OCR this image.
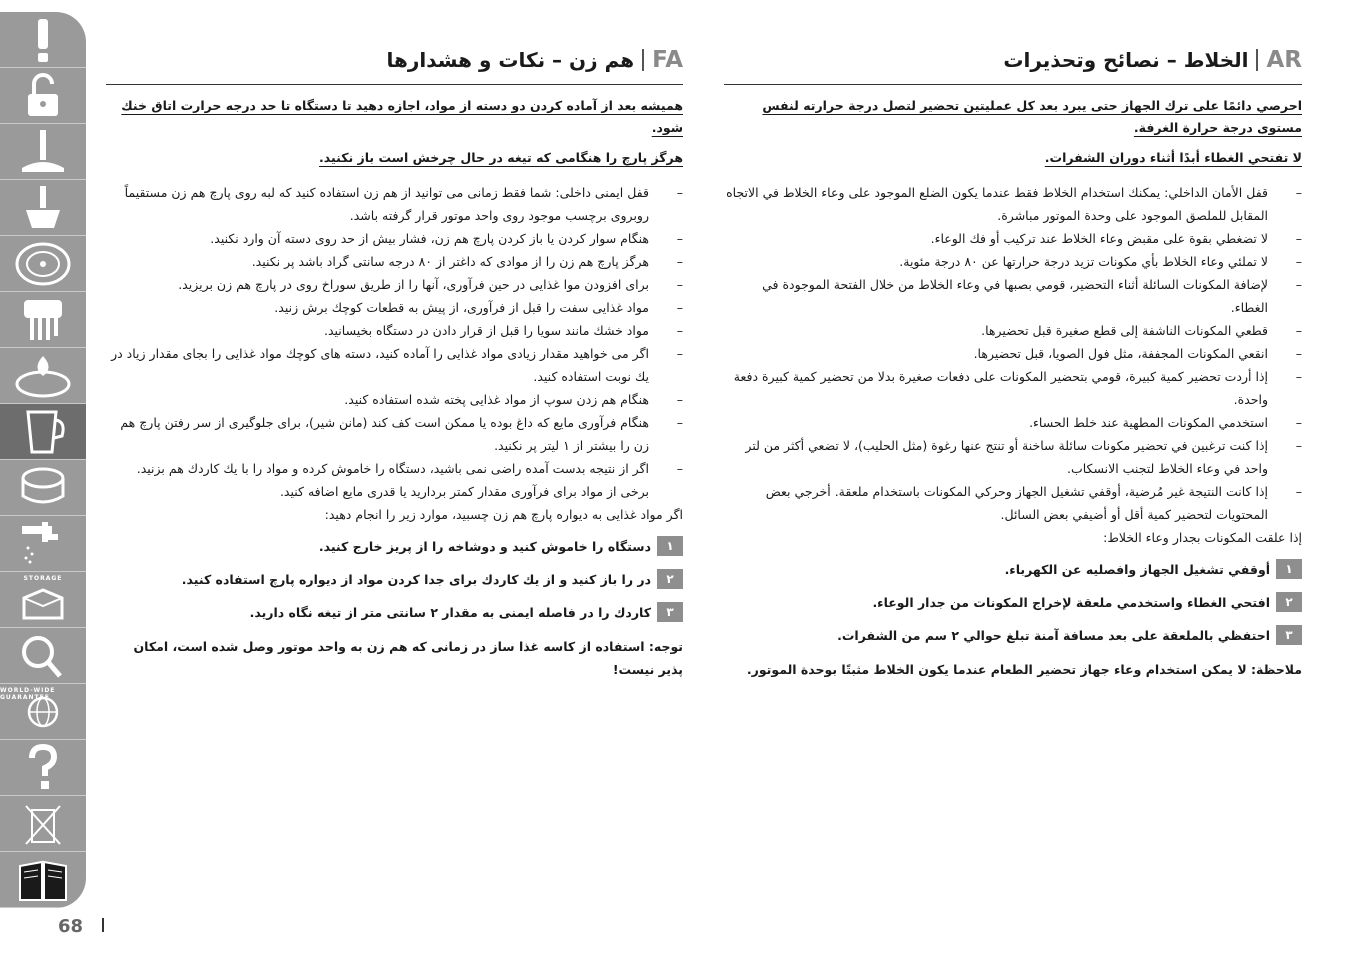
STORAGE
WORLD-WIDE GUARANTEE
68
AR
الخلاط – نصائح وتحذيرات
احرصي دائمًا على ترك الجهاز حتى يبرد بعد كل عمليتين تحضير لتصل درجة حرارته لنفس مستوى درجة حرارة الغرفة.
لا تفتحي الغطاء أبدًا أثناء دوران الشفرات.
– قفل الأمان الداخلي: يمكنك استخدام الخلاط فقط عندما يكون الضلع الموجود على وعاء الخلاط في الاتجاه المقابل للملصق الموجود على وحدة الموتور مباشرة.
– لا تضغطي بقوة على مقبض وعاء الخلاط عند تركيب أو فك الوعاء.
– لا تملئي وعاء الخلاط بأي مكونات تزيد درجة حرارتها عن ٨٠ درجة مئوية.
– لإضافة المكونات السائلة أثناء التحضير، قومي بصبها في وعاء الخلاط من خلال الفتحة الموجودة في الغطاء.
– قطعي المكونات الناشفة إلى قطع صغيرة قبل تحضيرها.
– انقعي المكونات المجففة، مثل فول الصويا، قبل تحضيرها.
– إذا أردت تحضير كمية كبيرة، قومي بتحضير المكونات على دفعات صغيرة بدلا من تحضير كمية كبيرة دفعة واحدة.
– استخدمي المكونات المطهية عند خلط الحساء.
– إذا كنت ترغبين في تحضير مكونات سائلة ساخنة أو تنتج عنها رغوة (مثل الحليب)، لا تضعي أكثر من لتر واحد في وعاء الخلاط لتجنب الانسكاب.
– إذا كانت النتيجة غير مُرضية، أوقفي تشغيل الجهاز وحركي المكونات باستخدام ملعقة. أخرجي بعض المحتويات لتحضير كمية أقل أو أضيفي بعض السائل.
إذا علقت المكونات بجدار وعاء الخلاط:
١
أوقفي تشغيل الجهاز وافصليه عن الكهرباء.
٢
افتحي الغطاء واستخدمي ملعقة لإخراج المكونات من جدار الوعاء.
٣
احتفظي بالملعقة على بعد مسافة آمنة تبلغ حوالي ٢ سم من الشفرات.
ملاحظة: لا يمكن استخدام وعاء جهاز تحضير الطعام عندما يكون الخلاط مثبتًا بوحدة الموتور.
FA
هم زن – نكات و هشدارها
همیشه بعد از آماده کردن دو دسته از مواد، اجازه دهید تا دستگاه تا حد درجه حرارت اتاق خنك شود.
هرگز پارچ را هنگامی كه تیغه در حال چرخش است باز نكنید.
– قفل ایمنی داخلی: شما فقط زمانی می توانید از هم زن استفاده كنید كه لبه روی پارچ هم زن مستقیماً روبروی برچسب موجود روی واحد موتور قرار گرفته باشد.
– هنگام سوار کردن یا باز کردن پارچ هم زن، فشار بیش از حد روی دسته آن وارد نكنید.
– هرگز پارچ هم زن را از موادی كه داغتر از ۸۰ درجه سانتی گراد باشد پر نكنید.
– برای افزودن موا غذایی در حین فرآوری، آنها را از طریق سوراخ روی در پارچ هم زن بریزید.
– مواد غذایی سفت را قبل از فرآوری، از پیش به قطعات كوچك برش زنید.
– مواد خشك مانند سویا را قبل از قرار دادن در دستگاه بخیسانید.
– اگر می خواهید مقدار زیادی مواد غذایی را آماده كنید، دسته های كوچك مواد غذایی را بجای مقدار زیاد در یك نوبت استفاده كنید.
– هنگام هم زدن سوپ از مواد غذایی پخته شده استفاده كنید.
– هنگام فرآوری مایع كه داغ بوده یا ممكن است كف كند (مانن شیر)، برای جلوگیری از سر رفتن پارچ هم زن را بیشتر از ۱ لیتر پر نكنید.
– اگر از نتیجه بدست آمده راضی نمی باشید، دستگاه را خاموش كرده و مواد را با یك كاردك هم بزنید. برخی از مواد برای فرآوری مقدار كمتر بردارید یا قدری مایع اضافه كنید.
اگر مواد غذایی به دیواره پارچ هم زن چسبید، موارد زیر را انجام دهید:
۱
دستگاه را خاموش كنید و دوشاخه را از پریز خارج كنید.
۲
در را باز كنید و از یك كاردك برای جدا كردن مواد از دیواره پارچ استفاده كنید.
۳
كاردك را در فاصله ایمنی به مقدار ۲ سانتی متر از تیغه نگاه دارید.
توجه: استفاده از كاسه غذا ساز در زمانی كه هم زن به واحد موتور وصل شده است، امكان پذیر نیست!
